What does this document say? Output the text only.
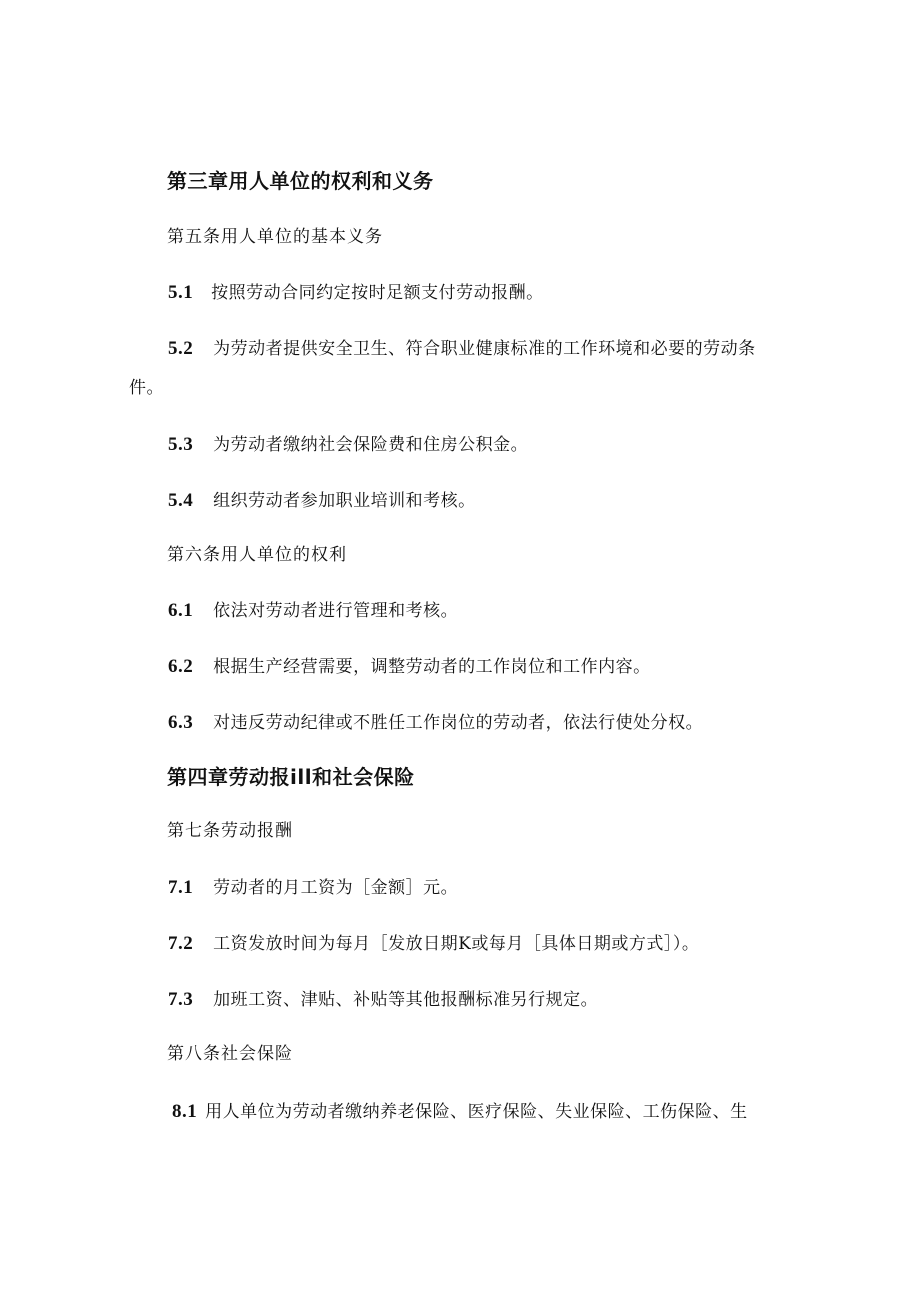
第三章用人单位的权利和义务
第五条用人单位的基本义务
5.1 按照劳动合同约定按时足额支付劳动报酬。
5.2 为劳动者提供安全卫生、符合职业健康标准的工作环境和必要的劳动条
件。
5.3 为劳动者缴纳社会保险费和住房公积金。
5.4 组织劳动者参加职业培训和考核。
第六条用人单位的权利
6.1 依法对劳动者进行管理和考核。
6.2 根据生产经营需要，调整劳动者的工作岗位和工作内容。
6.3 对违反劳动纪律或不胜任工作岗位的劳动者，依法行使处分权。
第四章劳动报ill和社会保险
第七条劳动报酬
7.1 劳动者的月工资为［金额］元。
7.2 工资发放时间为每月［发放日期K或每月［具体日期或方式］）。
7.3 加班工资、津贴、补贴等其他报酬标准另行规定。
第八条社会保险
8.1 用人单位为劳动者缴纳养老保险、医疗保险、失业保险、工伤保险、生
